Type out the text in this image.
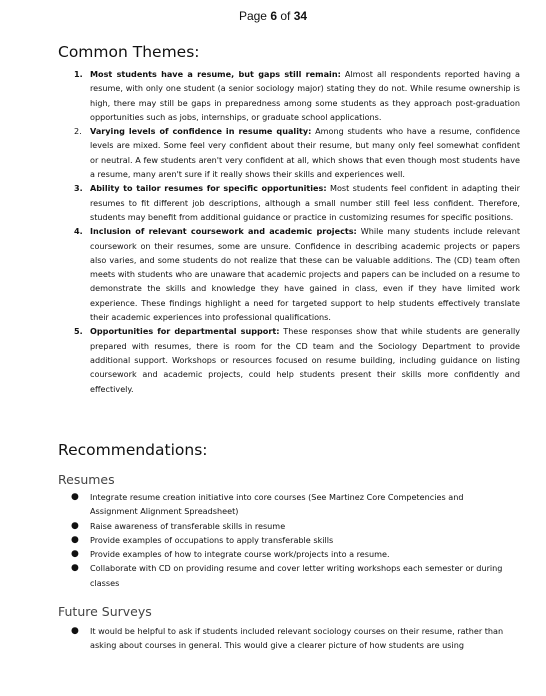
Page 6 of 34
Common Themes:
1. Most students have a resume, but gaps still remain: Almost all respondents reported having a resume, with only one student (a senior sociology major) stating they do not. While resume ownership is high, there may still be gaps in preparedness among some students as they approach post-graduation opportunities such as jobs, internships, or graduate school applications.
2. Varying levels of confidence in resume quality: Among students who have a resume, confidence levels are mixed. Some feel very confident about their resume, but many only feel somewhat confident or neutral. A few students aren't very confident at all, which shows that even though most students have a resume, many aren't sure if it really shows their skills and experiences well.
3. Ability to tailor resumes for specific opportunities: Most students feel confident in adapting their resumes to fit different job descriptions, although a small number still feel less confident. Therefore, students may benefit from additional guidance or practice in customizing resumes for specific positions.
4. Inclusion of relevant coursework and academic projects: While many students include relevant coursework on their resumes, some are unsure. Confidence in describing academic projects or papers also varies, and some students do not realize that these can be valuable additions. The (CD) team often meets with students who are unaware that academic projects and papers can be included on a resume to demonstrate the skills and knowledge they have gained in class, even if they have limited work experience. These findings highlight a need for targeted support to help students effectively translate their academic experiences into professional qualifications.
5. Opportunities for departmental support: These responses show that while students are generally prepared with resumes, there is room for the CD team and the Sociology Department to provide additional support. Workshops or resources focused on resume building, including guidance on listing coursework and academic projects, could help students present their skills more confidently and effectively.
Recommendations:
Resumes
● Integrate resume creation initiative into core courses (See Martinez Core Competencies and Assignment Alignment Spreadsheet)
● Raise awareness of transferable skills in resume
● Provide examples of occupations to apply transferable skills
● Provide examples of how to integrate course work/projects into a resume.
● Collaborate with CD on providing resume and cover letter writing workshops each semester or during classes
Future Surveys
● It would be helpful to ask if students included relevant sociology courses on their resume, rather than asking about courses in general. This would give a clearer picture of how students are using
